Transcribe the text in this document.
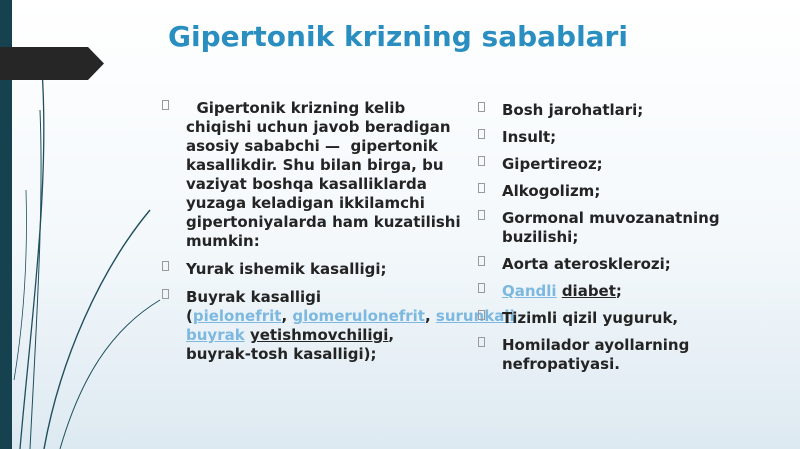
Gipertonik krizning sabablari
Gipertonik krizning kelib chiqishi uchun javob beradigan asosiy sababchi —  gipertonik kasallikdir. Shu bilan birga, bu vaziyat boshqa kasalliklarda yuzaga keladigan ikkilamchi gipertoniyalarda ham kuzatilishi mumkin:
Yurak ishemik kasalligi;
Buyrak kasalligi (pielonefrit, glomerulonefrit, surunkali buyrak yetishmovchiligi, buyrak-tosh kasalligi);
Bosh jarohatlari;
Insult;
Gipertireoz;
Alkogolizm;
Gormonal muvozanatning buzilishi;
Aorta aterosklerozi;
Qandli diabet;
Tizimli qizil yuguruk,
Homilador ayollarning nefropatiyasi.
